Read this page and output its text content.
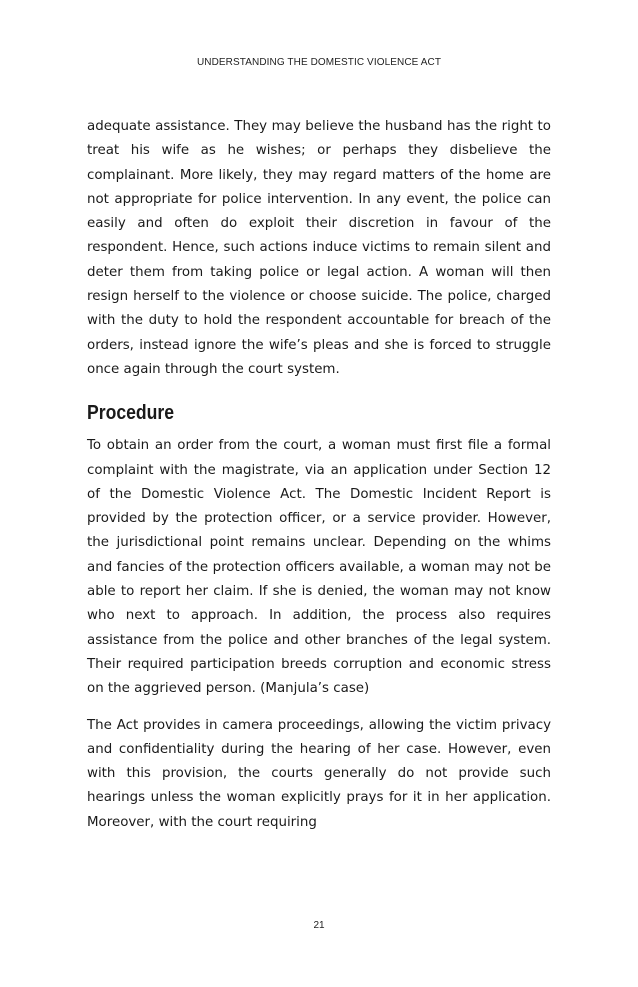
UNDERSTANDING THE DOMESTIC VIOLENCE ACT

adequate assistance. They may believe the husband has the right to treat his wife as he wishes; or perhaps they disbelieve the complainant. More likely, they may regard matters of the home are not appropriate for police intervention. In any event, the police can easily and often do exploit their discretion in favour of the respondent. Hence, such actions induce victims to remain silent and deter them from taking police or legal action. A woman will then resign herself to the violence or choose suicide. The police, charged with the duty to hold the respondent accountable for breach of the orders, instead ignore the wife’s pleas and she is forced to struggle once again through the court system.

Procedure

To obtain an order from the court, a woman must first file a formal complaint with the magistrate, via an application under Section 12 of the Domestic Violence Act. The Domestic Incident Report is provided by the protection officer, or a service provider. However, the jurisdictional point remains unclear. Depending on the whims and fancies of the protection officers available, a woman may not be able to report her claim. If she is denied, the woman may not know who next to approach. In addition, the process also requires assistance from the police and other branches of the legal system. Their required participation breeds corruption and economic stress on the aggrieved person. (Manjula’s case)

The Act provides in camera proceedings, allowing the victim privacy and confidentiality during the hearing of her case. However, even with this provision, the courts generally do not provide such hearings unless the woman explicitly prays for it in her application. Moreover, with the court requiring

21
